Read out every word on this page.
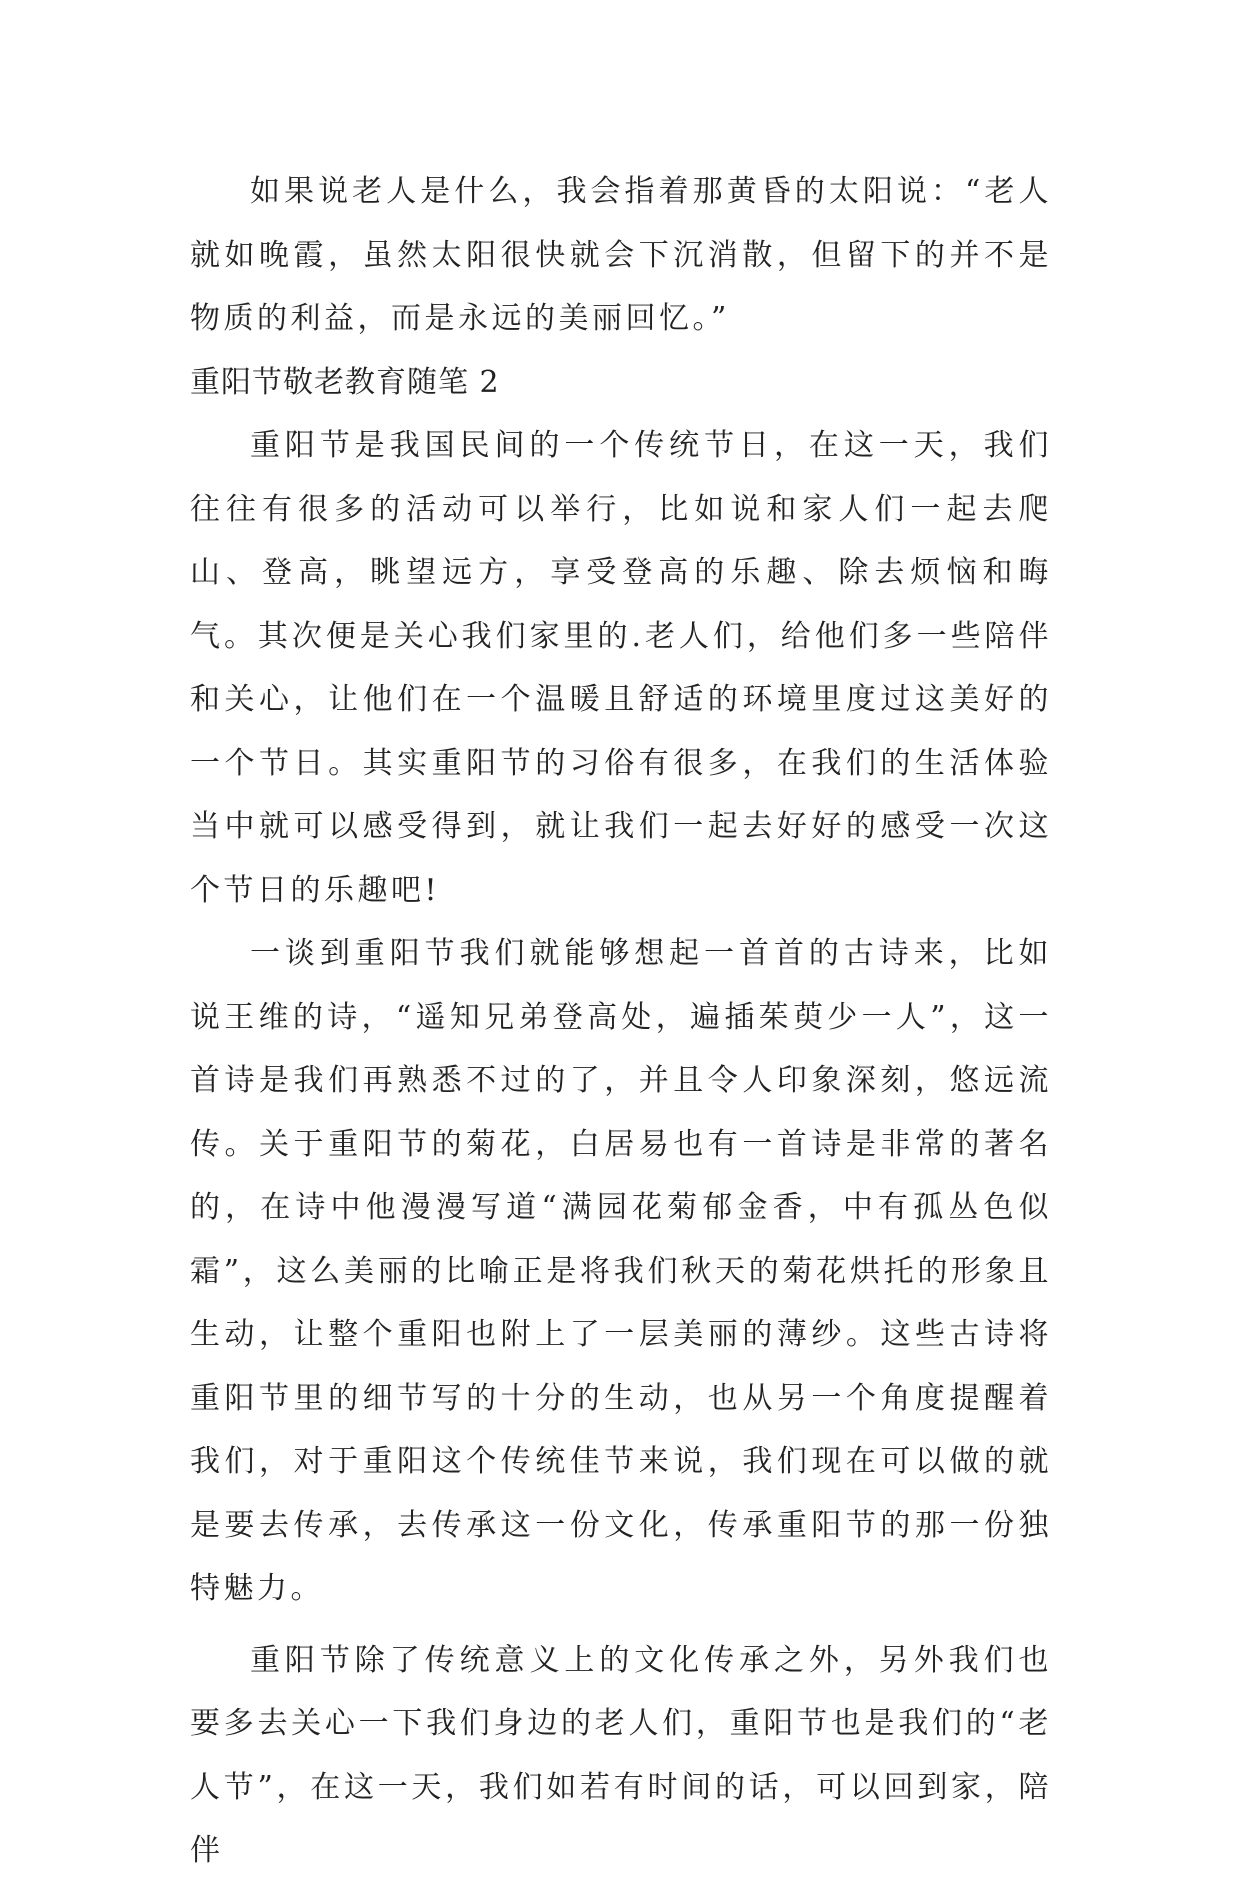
如果说老人是什么，我会指着那黄昏的太阳说：“老人就如晚霞，虽然太阳很快就会下沉消散，但留下的并不是物质的利益，而是永远的美丽回忆。”

重阳节敬老教育随笔 2

重阳节是我国民间的一个传统节日，在这一天，我们往往有很多的活动可以举行，比如说和家人们一起去爬山、登高，眺望远方，享受登高的乐趣、除去烦恼和晦气。其次便是关心我们家里的.老人们，给他们多一些陪伴和关心，让他们在一个温暖且舒适的环境里度过这美好的一个节日。其实重阳节的习俗有很多，在我们的生活体验当中就可以感受得到，就让我们一起去好好的感受一次这个节日的乐趣吧!

一谈到重阳节我们就能够想起一首首的古诗来，比如说王维的诗，“遥知兄弟登高处，遍插茱萸少一人”，这一首诗是我们再熟悉不过的了，并且令人印象深刻，悠远流传。关于重阳节的菊花，白居易也有一首诗是非常的著名的，在诗中他漫漫写道“满园花菊郁金香，中有孤丛色似霜”，这么美丽的比喻正是将我们秋天的菊花烘托的形象且生动，让整个重阳也附上了一层美丽的薄纱。这些古诗将重阳节里的细节写的十分的生动，也从另一个角度提醒着我们，对于重阳这个传统佳节来说，我们现在可以做的就是要去传承，去传承这一份文化，传承重阳节的那一份独特魅力。

重阳节除了传统意义上的文化传承之外，另外我们也要多去关心一下我们身边的老人们，重阳节也是我们的“老人节”，在这一天，我们如若有时间的话，可以回到家，陪伴
